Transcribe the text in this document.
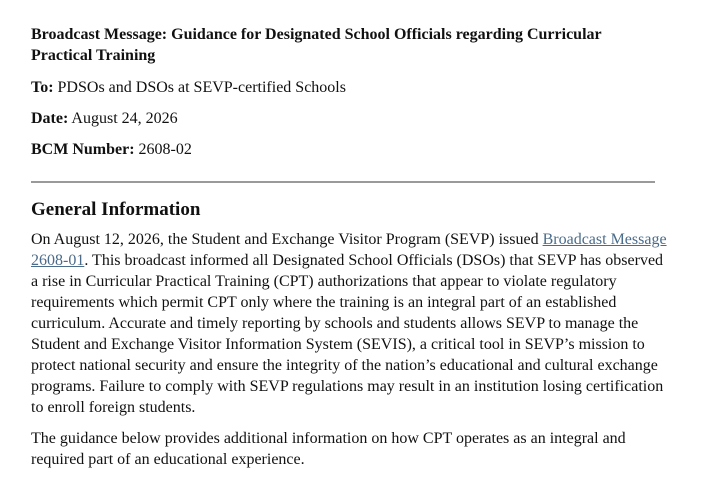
Broadcast Message: Guidance for Designated School Officials regarding Curricular Practical Training

To: PDSOs and DSOs at SEVP-certified Schools

Date: August 24, 2026

BCM Number: 2608-02

General Information

On August 12, 2026, the Student and Exchange Visitor Program (SEVP) issued Broadcast Message 2608-01. This broadcast informed all Designated School Officials (DSOs) that SEVP has observed a rise in Curricular Practical Training (CPT) authorizations that appear to violate regulatory requirements which permit CPT only where the training is an integral part of an established curriculum. Accurate and timely reporting by schools and students allows SEVP to manage the Student and Exchange Visitor Information System (SEVIS), a critical tool in SEVP’s mission to protect national security and ensure the integrity of the nation’s educational and cultural exchange programs. Failure to comply with SEVP regulations may result in an institution losing certification to enroll foreign students.

The guidance below provides additional information on how CPT operates as an integral and required part of an educational experience.
